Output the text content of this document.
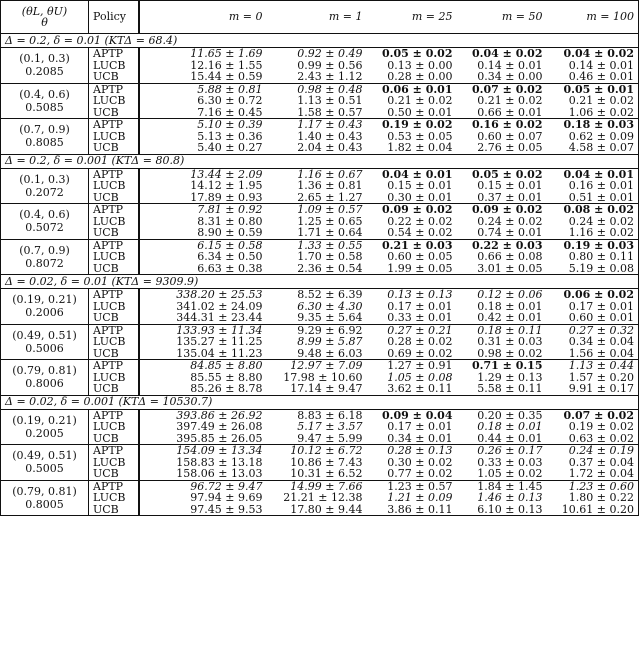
(θL, θU)
θ	Policy	m = 0	m = 1	m = 25	m = 50	m = 100
Δ = 0.2, δ = 0.01 (KTΔ = 68.4)						

(0.1, 0.3)
0.2085	APTP	11.65 ± 1.69	0.92 ± 0.49	0.05 ± 0.02	0.04 ± 0.02	0.04 ± 0.02
	LUCB	12.16 ± 1.55	0.99 ± 0.56	0.13 ± 0.00	0.14 ± 0.01	0.14 ± 0.01
	UCB	15.44 ± 0.59	2.43 ± 1.12	0.28 ± 0.00	0.34 ± 0.00	0.46 ± 0.01

(0.4, 0.6)
0.5085	APTP	5.88 ± 0.81	0.98 ± 0.48	0.06 ± 0.01	0.07 ± 0.02	0.05 ± 0.01
	LUCB	6.30 ± 0.72	1.13 ± 0.51	0.21 ± 0.02	0.21 ± 0.02	0.21 ± 0.02
	UCB	7.16 ± 0.45	1.58 ± 0.57	0.50 ± 0.01	0.66 ± 0.01	1.06 ± 0.02

(0.7, 0.9)
0.8085	APTP	5.10 ± 0.39	1.17 ± 0.43	0.19 ± 0.02	0.16 ± 0.02	0.18 ± 0.03
	LUCB	5.13 ± 0.36	1.40 ± 0.43	0.53 ± 0.05	0.60 ± 0.07	0.62 ± 0.09
	UCB	5.40 ± 0.27	2.04 ± 0.43	1.82 ± 0.04	2.76 ± 0.05	4.58 ± 0.07
Δ = 0.2, δ = 0.001 (KTΔ = 80.8)						

(0.1, 0.3)
0.2072	APTP	13.44 ± 2.09	1.16 ± 0.67	0.04 ± 0.01	0.05 ± 0.02	0.04 ± 0.01
	LUCB	14.12 ± 1.95	1.36 ± 0.81	0.15 ± 0.01	0.15 ± 0.01	0.16 ± 0.01
	UCB	17.89 ± 0.93	2.65 ± 1.27	0.30 ± 0.01	0.37 ± 0.01	0.51 ± 0.01

(0.4, 0.6)
0.5072	APTP	7.81 ± 0.92	1.09 ± 0.57	0.09 ± 0.02	0.09 ± 0.02	0.08 ± 0.02
	LUCB	8.31 ± 0.80	1.25 ± 0.65	0.22 ± 0.02	0.24 ± 0.02	0.24 ± 0.02
	UCB	8.90 ± 0.59	1.71 ± 0.64	0.54 ± 0.02	0.74 ± 0.01	1.16 ± 0.02

(0.7, 0.9)
0.8072	APTP	6.15 ± 0.58	1.33 ± 0.55	0.21 ± 0.03	0.22 ± 0.03	0.19 ± 0.03
	LUCB	6.34 ± 0.50	1.70 ± 0.58	0.60 ± 0.05	0.66 ± 0.08	0.80 ± 0.11
	UCB	6.63 ± 0.38	2.36 ± 0.54	1.99 ± 0.05	3.01 ± 0.05	5.19 ± 0.08
Δ = 0.02, δ = 0.01 (KTΔ = 9309.9)						

(0.19, 0.21)
0.2006	APTP	338.20 ± 25.53	8.52 ± 6.39	0.13 ± 0.13	0.12 ± 0.06	0.06 ± 0.02
	LUCB	341.02 ± 24.09	6.30 ± 4.30	0.17 ± 0.01	0.18 ± 0.01	0.17 ± 0.01
	UCB	344.31 ± 23.44	9.35 ± 5.64	0.33 ± 0.01	0.42 ± 0.01	0.60 ± 0.01

(0.49, 0.51)
0.5006	APTP	133.93 ± 11.34	9.29 ± 6.92	0.27 ± 0.21	0.18 ± 0.11	0.27 ± 0.32
	LUCB	135.27 ± 11.25	8.99 ± 5.87	0.28 ± 0.02	0.31 ± 0.03	0.34 ± 0.04
	UCB	135.04 ± 11.23	9.48 ± 6.03	0.69 ± 0.02	0.98 ± 0.02	1.56 ± 0.04

(0.79, 0.81)
0.8006	APTP	84.85 ± 8.80	12.97 ± 7.09	1.27 ± 0.91	0.71 ± 0.15	1.13 ± 0.44
	LUCB	85.55 ± 8.80	17.98 ± 10.60	1.05 ± 0.08	1.29 ± 0.13	1.57 ± 0.20
	UCB	85.26 ± 8.78	17.14 ± 9.47	3.62 ± 0.11	5.58 ± 0.11	9.91 ± 0.17
Δ = 0.02, δ = 0.001 (KTΔ = 10530.7)						

(0.19, 0.21)
0.2005	APTP	393.86 ± 26.92	8.83 ± 6.18	0.09 ± 0.04	0.20 ± 0.35	0.07 ± 0.02
	LUCB	397.49 ± 26.08	5.17 ± 3.57	0.17 ± 0.01	0.18 ± 0.01	0.19 ± 0.02
	UCB	395.85 ± 26.05	9.47 ± 5.99	0.34 ± 0.01	0.44 ± 0.01	0.63 ± 0.02

(0.49, 0.51)
0.5005	APTP	154.09 ± 13.34	10.12 ± 6.72	0.28 ± 0.13	0.26 ± 0.17	0.24 ± 0.19
	LUCB	158.83 ± 13.18	10.86 ± 7.43	0.30 ± 0.02	0.33 ± 0.03	0.37 ± 0.04
	UCB	158.06 ± 13.03	10.31 ± 6.52	0.77 ± 0.02	1.05 ± 0.02	1.72 ± 0.04

(0.79, 0.81)
0.8005	APTP	96.72 ± 9.47	14.99 ± 7.66	1.23 ± 0.57	1.84 ± 1.45	1.23 ± 0.60
	LUCB	97.94 ± 9.69	21.21 ± 12.38	1.21 ± 0.09	1.46 ± 0.13	1.80 ± 0.22
	UCB	97.45 ± 9.53	17.80 ± 9.44	3.86 ± 0.11	6.10 ± 0.13	10.61 ± 0.20
